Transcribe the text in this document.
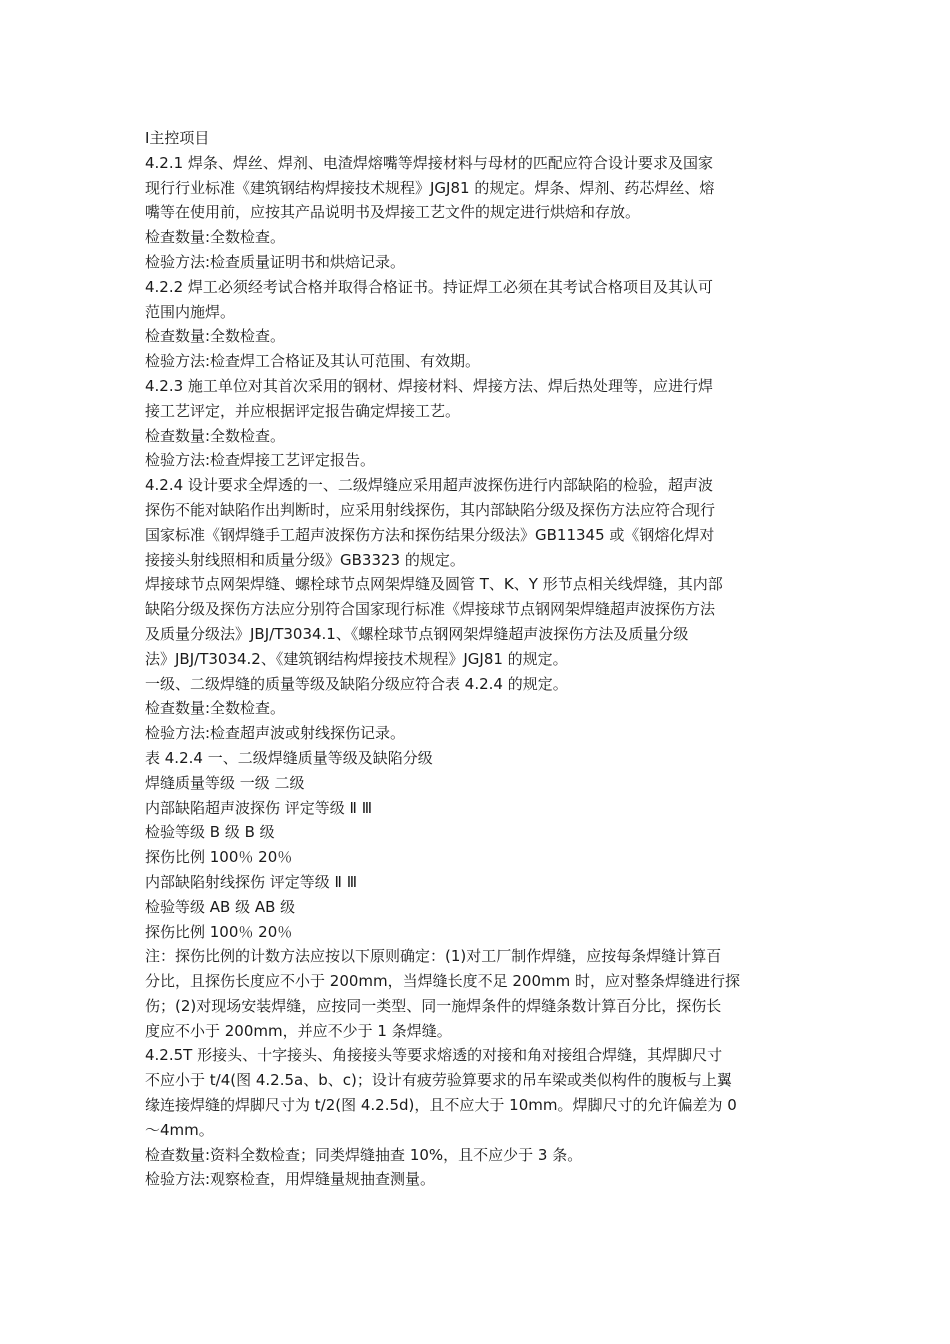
Ⅰ主控项目

4.2.1 焊条、焊丝、焊剂、电渣焊熔嘴等焊接材料与母材的匹配应符合设计要求及国家

现行行业标准《建筑钢结构焊接技术规程》JGJ81 的规定。焊条、焊剂、药芯焊丝、熔

嘴等在使用前，应按其产品说明书及焊接工艺文件的规定进行烘焙和存放。

检查数量:全数检查。

检验方法:检查质量证明书和烘焙记录。

4.2.2 焊工必须经考试合格并取得合格证书。持证焊工必须在其考试合格项目及其认可

范围内施焊。

检查数量:全数检查。

检验方法:检查焊工合格证及其认可范围、有效期。

4.2.3 施工单位对其首次采用的钢材、焊接材料、焊接方法、焊后热处理等，应进行焊

接工艺评定，并应根据评定报告确定焊接工艺。

检查数量:全数检查。

检验方法:检查焊接工艺评定报告。

4.2.4 设计要求全焊透的一、二级焊缝应采用超声波探伤进行内部缺陷的检验，超声波

探伤不能对缺陷作出判断时，应采用射线探伤，其内部缺陷分级及探伤方法应符合现行

国家标准《钢焊缝手工超声波探伤方法和探伤结果分级法》GB11345 或《钢熔化焊对

接接头射线照相和质量分级》GB3323 的规定。

焊接球节点网架焊缝、螺栓球节点网架焊缝及圆管 T、K、Y 形节点相关线焊缝，其内部

缺陷分级及探伤方法应分别符合国家现行标准《焊接球节点钢网架焊缝超声波探伤方法

及质量分级法》JBJ/T3034.1、《螺栓球节点钢网架焊缝超声波探伤方法及质量分级

法》JBJ/T3034.2、《建筑钢结构焊接技术规程》JGJ81 的规定。

一级、二级焊缝的质量等级及缺陷分级应符合表 4.2.4 的规定。

检查数量:全数检查。

检验方法:检查超声波或射线探伤记录。

表 4.2.4 一、二级焊缝质量等级及缺陷分级

焊缝质量等级 一级 二级

内部缺陷超声波探伤 评定等级 Ⅱ Ⅲ

检验等级 B 级 B 级

探伤比例 100％ 20％

内部缺陷射线探伤 评定等级 Ⅱ Ⅲ

检验等级 AB 级 AB 级

探伤比例 100％ 20％

注：探伤比例的计数方法应按以下原则确定：(1)对工厂制作焊缝，应按每条焊缝计算百

分比，且探伤长度应不小于 200mm，当焊缝长度不足 200mm 时，应对整条焊缝进行探

伤；(2)对现场安装焊缝，应按同一类型、同一施焊条件的焊缝条数计算百分比，探伤长

度应不小于 200mm，并应不少于 1 条焊缝。

4.2.5T 形接头、十字接头、角接接头等要求熔透的对接和角对接组合焊缝，其焊脚尺寸

不应小于 t/4(图 4.2.5a、b、c)；设计有疲劳验算要求的吊车梁或类似构件的腹板与上翼

缘连接焊缝的焊脚尺寸为 t/2(图 4.2.5d)，且不应大于 10mm。焊脚尺寸的允许偏差为 0

～4mm。

检查数量:资料全数检查；同类焊缝抽查 10%，且不应少于 3 条。

检验方法:观察检查，用焊缝量规抽查测量。
